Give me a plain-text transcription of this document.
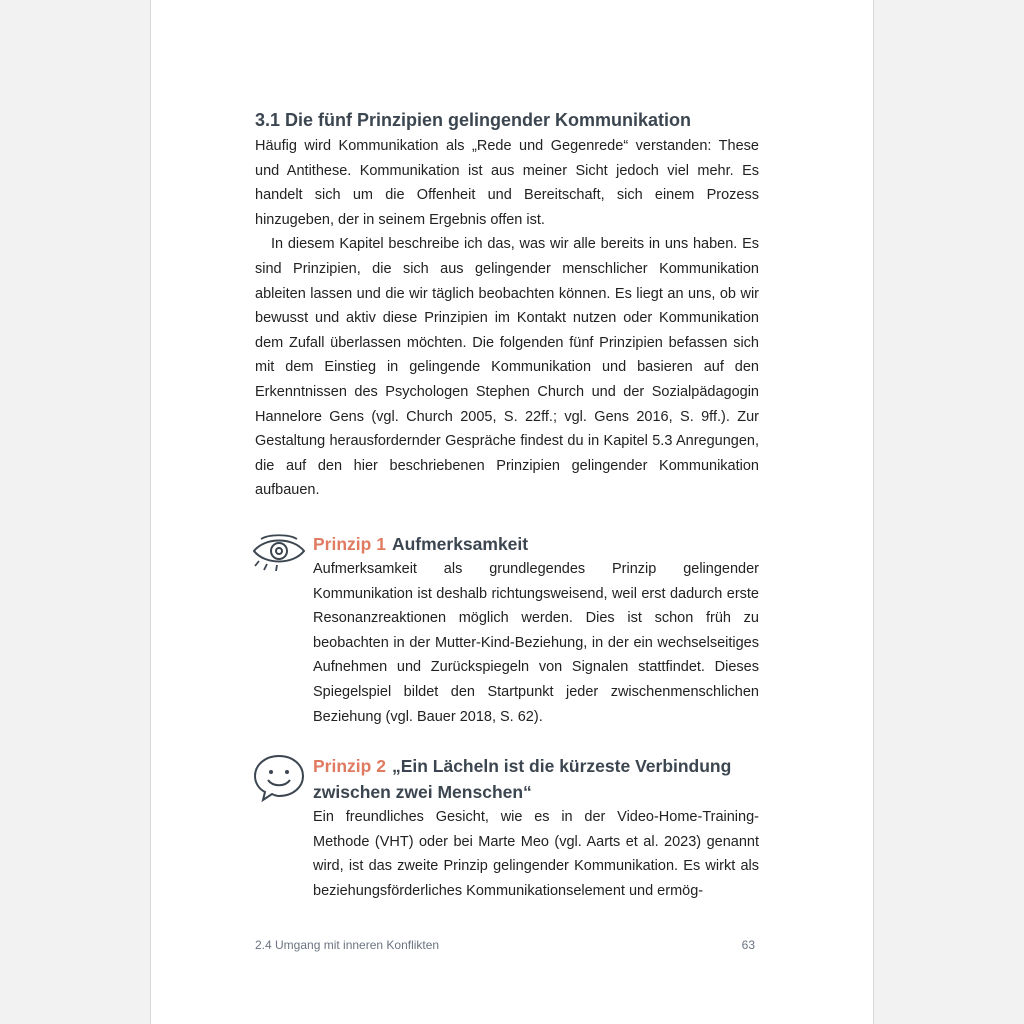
3.1 Die fünf Prinzipien gelingender Kommunikation

Häufig wird Kommunikation als „Rede und Gegenrede“ verstanden: These und Antithese. Kommunikation ist aus meiner Sicht jedoch viel mehr. Es handelt sich um die Offenheit und Bereitschaft, sich einem Prozess hinzugeben, der in seinem Ergebnis offen ist.

In diesem Kapitel beschreibe ich das, was wir alle bereits in uns haben. Es sind Prinzipien, die sich aus gelingender menschlicher Kommunikation ableiten lassen und die wir täglich beobachten können. Es liegt an uns, ob wir bewusst und aktiv diese Prinzipien im Kontakt nutzen oder Kommunikation dem Zufall überlassen möchten. Die folgenden fünf Prinzipien befassen sich mit dem Einstieg in gelingende Kommunikation und basieren auf den Erkenntnissen des Psychologen Stephen Church und der Sozialpädagogin Hannelore Gens (vgl. Church 2005, S. 22ff.; vgl. Gens 2016, S. 9ff.). Zur Gestaltung herausfordernder Gespräche findest du in Kapitel 5.3 Anregungen, die auf den hier beschriebenen Prinzipien gelingender Kommunikation aufbauen.

Prinzip 1 Aufmerksamkeit

Aufmerksamkeit als grundlegendes Prinzip gelingender Kommunikation ist deshalb richtungsweisend, weil erst dadurch erste Resonanzreaktionen möglich werden. Dies ist schon früh zu beobachten in der Mutter-Kind-Beziehung, in der ein wechselseitiges Aufnehmen und Zurückspiegeln von Signalen stattfindet. Dieses Spiegelspiel bildet den Startpunkt jeder zwischenmenschlichen Beziehung (vgl. Bauer 2018, S. 62).

Prinzip 2 „Ein Lächeln ist die kürzeste Verbindung zwischen zwei Menschen“

Ein freundliches Gesicht, wie es in der Video-Home-Training-Methode (VHT) oder bei Marte Meo (vgl. Aarts et al. 2023) genannt wird, ist das zweite Prinzip gelingender Kommunikation. Es wirkt als beziehungsförderliches Kommunikationselement und ermög-

2.4 Umgang mit inneren Konflikten	63
